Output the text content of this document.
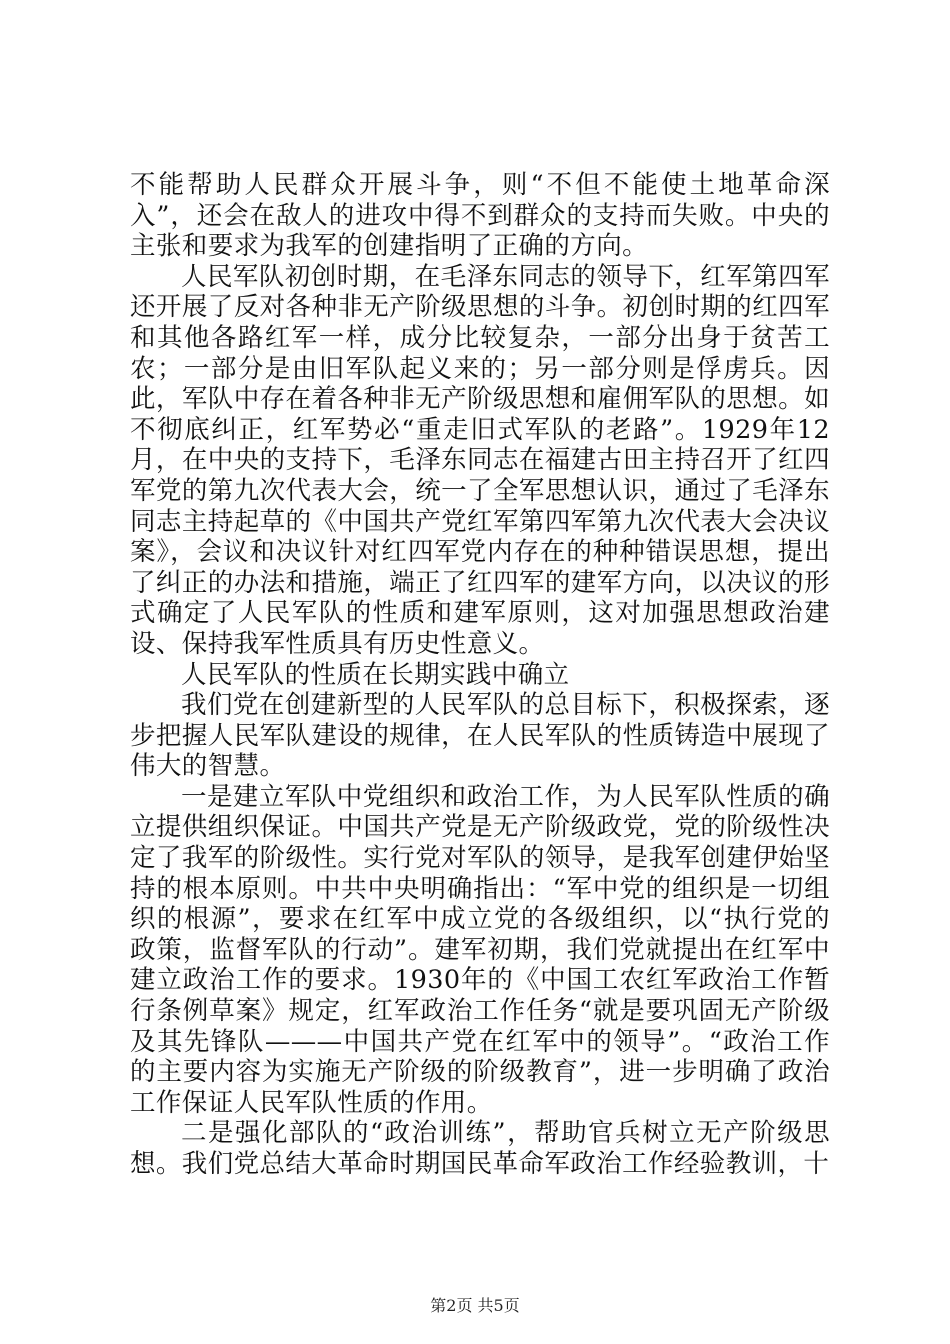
不能帮助人民群众开展斗争，则“不但不能使土地革命深入”，还会在敌人的进攻中得不到群众的支持而失败。中央的主张和要求为我军的创建指明了正确的方向。

人民军队初创时期，在毛泽东同志的领导下，红军第四军还开展了反对各种非无产阶级思想的斗争。初创时期的红四军和其他各路红军一样，成分比较复杂，一部分出身于贫苦工农；一部分是由旧军队起义来的；另一部分则是俘虏兵。因此，军队中存在着各种非无产阶级思想和雇佣军队的思想。如不彻底纠正，红军势必“重走旧式军队的老路”。1929年12月，在中央的支持下，毛泽东同志在福建古田主持召开了红四军党的第九次代表大会，统一了全军思想认识，通过了毛泽东同志主持起草的《中国共产党红军第四军第九次代表大会决议案》，会议和决议针对红四军党内存在的种种错误思想，提出了纠正的办法和措施，端正了红四军的建军方向，以决议的形式确定了人民军队的性质和建军原则，这对加强思想政治建设、保持我军性质具有历史性意义。

人民军队的性质在长期实践中确立

我们党在创建新型的人民军队的总目标下，积极探索，逐步把握人民军队建设的规律，在人民军队的性质铸造中展现了伟大的智慧。

一是建立军队中党组织和政治工作，为人民军队性质的确立提供组织保证。中国共产党是无产阶级政党，党的阶级性决定了我军的阶级性。实行党对军队的领导，是我军创建伊始坚持的根本原则。中共中央明确指出：“军中党的组织是一切组织的根源”，要求在红军中成立党的各级组织，以“执行党的政策，监督军队的行动”。建军初期，我们党就提出在红军中建立政治工作的要求。1930年的《中国工农红军政治工作暂行条例草案》规定，红军政治工作任务“就是要巩固无产阶级及其先锋队———中国共产党在红军中的领导”。“政治工作的主要内容为实施无产阶级的阶级教育”，进一步明确了政治工作保证人民军队性质的作用。

二是强化部队的“政治训练”，帮助官兵树立无产阶级思想。我们党总结大革命时期国民革命军政治工作经验教训，十

第2页 共5页
